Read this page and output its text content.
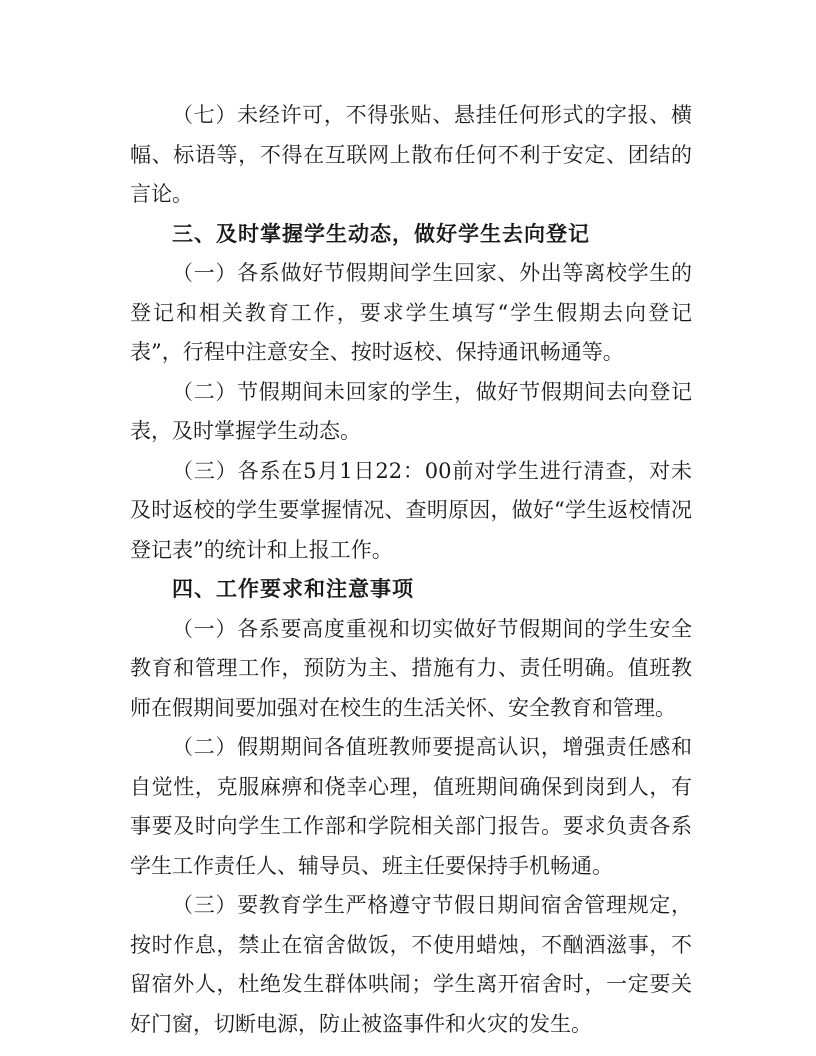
（七）未经许可，不得张贴、悬挂任何形式的字报、横幅、标语等，不得在互联网上散布任何不利于安定、团结的言论。

三、及时掌握学生动态，做好学生去向登记

（一）各系做好节假期间学生回家、外出等离校学生的登记和相关教育工作，要求学生填写“学生假期去向登记表”，行程中注意安全、按时返校、保持通讯畅通等。

（二）节假期间未回家的学生，做好节假期间去向登记表，及时掌握学生动态。

（三）各系在5月1日22：00前对学生进行清查，对未及时返校的学生要掌握情况、查明原因，做好“学生返校情况登记表”的统计和上报工作。

四、工作要求和注意事项

（一）各系要高度重视和切实做好节假期间的学生安全教育和管理工作，预防为主、措施有力、责任明确。值班教师在假期间要加强对在校生的生活关怀、安全教育和管理。

（二）假期期间各值班教师要提高认识，增强责任感和自觉性，克服麻痹和侥幸心理，值班期间确保到岗到人，有事要及时向学生工作部和学院相关部门报告。要求负责各系学生工作责任人、辅导员、班主任要保持手机畅通。

（三）要教育学生严格遵守节假日期间宿舍管理规定，按时作息，禁止在宿舍做饭，不使用蜡烛，不酗酒滋事，不留宿外人，杜绝发生群体哄闹；学生离开宿舍时，一定要关好门窗，切断电源，防止被盗事件和火灾的发生。
